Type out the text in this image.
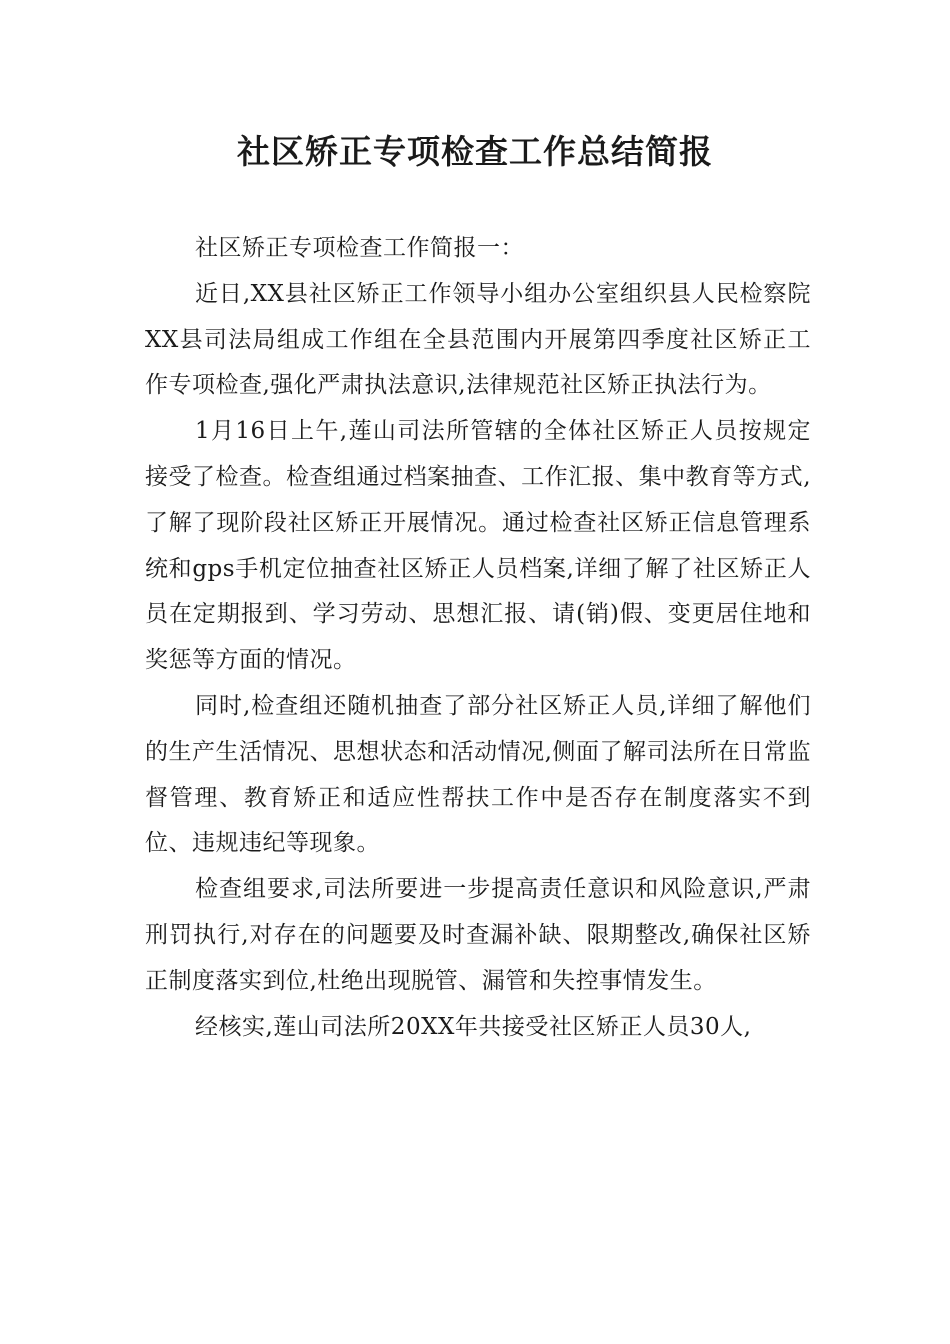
社区矫正专项检查工作总结简报

社区矫正专项检查工作简报一：

近日,XX县社区矫正工作领导小组办公室组织县人民检察院XX县司法局组成工作组在全县范围内开展第四季度社区矫正工作专项检查,强化严肃执法意识,法律规范社区矫正执法行为。

1月16日上午,莲山司法所管辖的全体社区矫正人员按规定接受了检查。检查组通过档案抽查、工作汇报、集中教育等方式,了解了现阶段社区矫正开展情况。通过检查社区矫正信息管理系统和gps手机定位抽查社区矫正人员档案,详细了解了社区矫正人员在定期报到、学习劳动、思想汇报、请(销)假、变更居住地和奖惩等方面的情况。

同时,检查组还随机抽查了部分社区矫正人员,详细了解他们的生产生活情况、思想状态和活动情况,侧面了解司法所在日常监督管理、教育矫正和适应性帮扶工作中是否存在制度落实不到位、违规违纪等现象。

检查组要求,司法所要进一步提高责任意识和风险意识,严肃刑罚执行,对存在的问题要及时查漏补缺、限期整改,确保社区矫正制度落实到位,杜绝出现脱管、漏管和失控事情发生。

经核实,莲山司法所20XX年共接受社区矫正人员30人,
